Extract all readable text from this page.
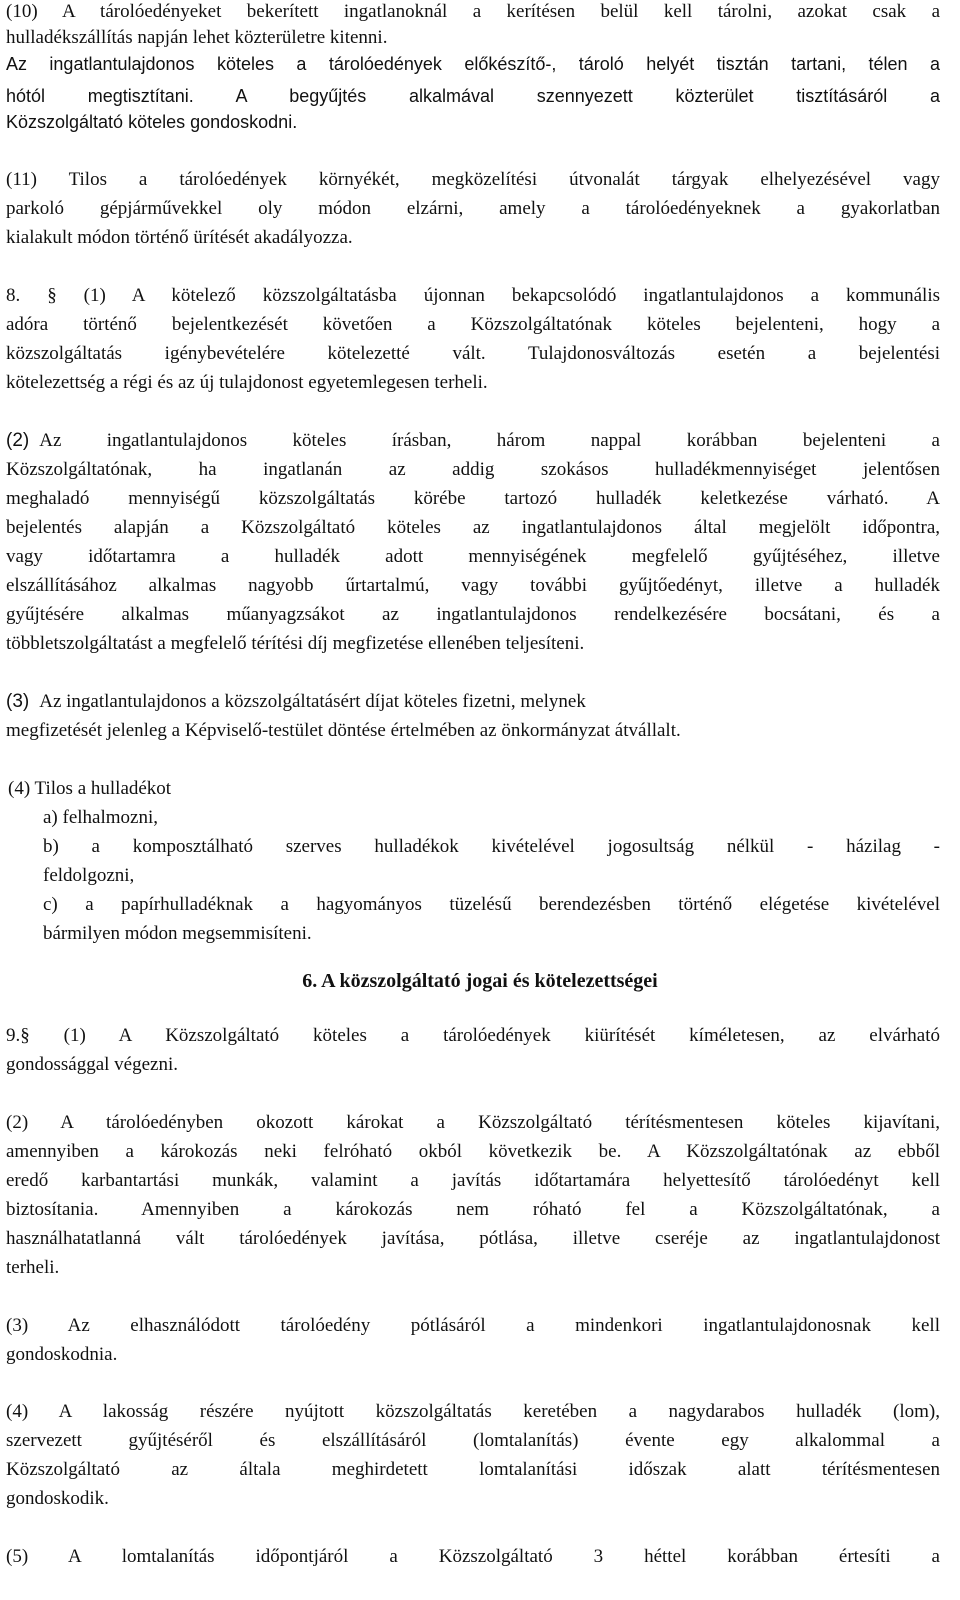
(10) A tárolóedényeket bekerített ingatlanoknál a kerítésen belül kell tárolni, azokat csak a
hulladékszállítás napján lehet közterületre kitenni.
Az ingatlantulajdonos köteles a tárolóedények előkészítő-, tároló helyét tisztán tartani, télen a
hótól megtisztítani. A begyűjtés alkalmával szennyezett közterület tisztításáról a
Közszolgáltató köteles gondoskodni.
(11) Tilos a tárolóedények környékét, megközelítési útvonalát tárgyak elhelyezésével vagy
parkoló gépjárművekkel oly módon elzárni, amely a tárolóedényeknek a gyakorlatban
kialakult módon történő ürítését akadályozza.
8. § (1) A kötelező közszolgáltatásba újonnan bekapcsolódó ingatlantulajdonos a kommunális
adóra történő bejelentkezését követően a Közszolgáltatónak köteles bejelenteni, hogy a
közszolgáltatás igénybevételére kötelezetté vált. Tulajdonosváltozás esetén a bejelentési
kötelezettség a régi és az új tulajdonost egyetemlegesen terheli.
(2) Az ingatlantulajdonos köteles írásban, három nappal korábban bejelenteni a
Közszolgáltatónak, ha ingatlanán az addig szokásos hulladékmennyiséget jelentősen
meghaladó mennyiségű közszolgáltatás körébe tartozó hulladék keletkezése várható. A
bejelentés alapján a Közszolgáltató köteles az ingatlantulajdonos által megjelölt időpontra,
vagy időtartamra a hulladék adott mennyiségének megfelelő gyűjtéséhez, illetve
elszállításához alkalmas nagyobb űrtartalmú, vagy további gyűjtőedényt, illetve a hulladék
gyűjtésére alkalmas műanyagzsákot az ingatlantulajdonos rendelkezésére bocsátani, és a
többletszolgáltatást a megfelelő térítési díj megfizetése ellenében teljesíteni.
(3) Az ingatlantulajdonos a közszolgáltatásért díjat köteles fizetni, melynek
megfizetését jelenleg a Képviselő-testület döntése értelmében az önkormányzat átvállalt.
(4) Tilos a hulladékot
a) felhalmozni,
b) a komposztálható szerves hulladékok kivételével jogosultság nélkül - házilag -
feldolgozni,
c) a papírhulladéknak a hagyományos tüzelésű berendezésben történő elégetése kivételével
bármilyen módon megsemmisíteni.
6. A közszolgáltató jogai és kötelezettségei
9.§ (1) A Közszolgáltató köteles a tárolóedények kiürítését kíméletesen, az elvárható
gondossággal végezni.
(2) A tárolóedényben okozott károkat a Közszolgáltató térítésmentesen köteles kijavítani,
amennyiben a károkozás neki felróható okból következik be. A Közszolgáltatónak az ebből
eredő karbantartási munkák, valamint a javítás időtartamára helyettesítő tárolóedényt kell
biztosítania. Amennyiben a károkozás nem róható fel a Közszolgáltatónak, a
használhatatlanná vált tárolóedények javítása, pótlása, illetve cseréje az ingatlantulajdonost
terheli.
(3) Az elhasználódott tárolóedény pótlásáról a mindenkori ingatlantulajdonosnak kell
gondoskodnia.
(4) A lakosság részére nyújtott közszolgáltatás keretében a nagydarabos hulladék (lom),
szervezett gyűjtéséről és elszállításáról (lomtalanítás) évente egy alkalommal a
Közszolgáltató az általa meghirdetett lomtalanítási időszak alatt térítésmentesen
gondoskodik.
(5) A lomtalanítás időpontjáról a Közszolgáltató 3 héttel korábban értesíti a
